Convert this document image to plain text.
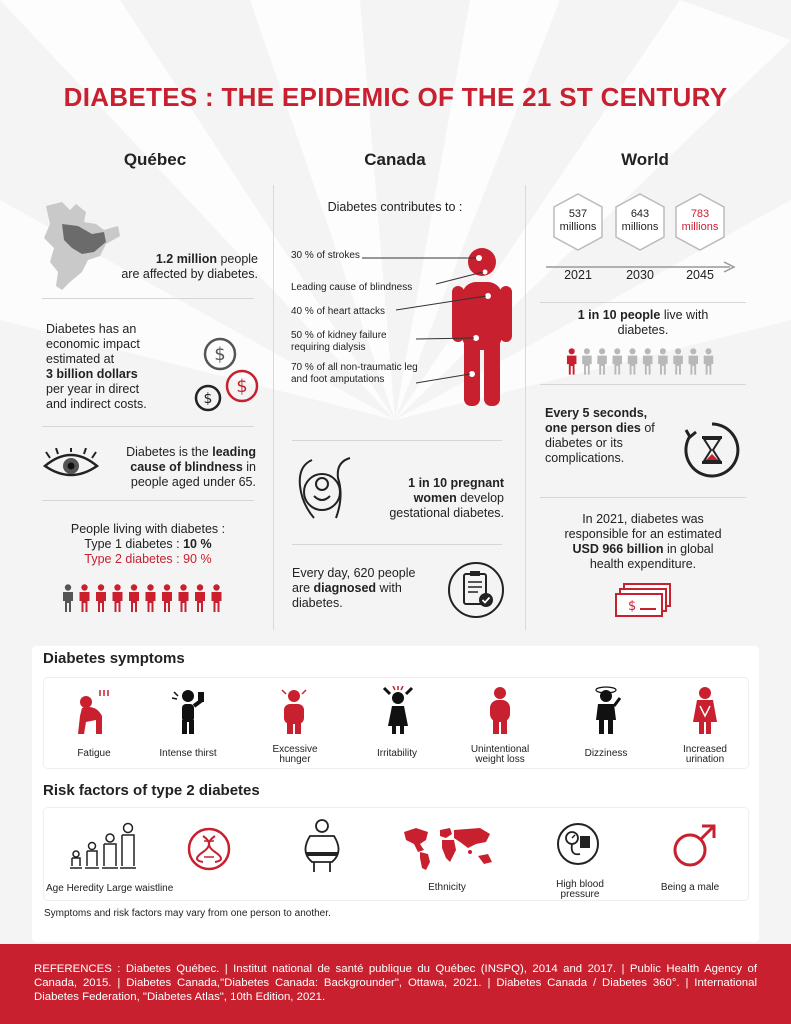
DIABETES : THE EPIDEMIC OF THE 21 ST CENTURY
Québec	Canada	World
1.2 million people
are affected by diabetes.
Diabetes has an
economic impact
estimated at
3 billion dollars
per year in direct
and indirect costs.
$
$
$
Diabetes is the leading
cause of blindness in
people aged under 65.
People living with diabetes :
Type 1 diabetes : 10 %
Type 2 diabetes : 90 %
Diabetes contributes to :
30 % of strokes
Leading cause of blindness
40 % of heart attacks
50 % of kidney failure
requiring dialysis
70 % of all non-traumatic leg
and foot amputations
1 in 10 pregnant
women develop
gestational diabetes.
Every day, 620 people
are diagnosed with
diabetes.
537
millions
2021
643
millions
2030
783
millions
2045
1 in 10 people live with
diabetes.
Every 5 seconds,
one person dies of
diabetes or its
complications.
In 2021, diabetes was
responsible for an estimated
USD 966 billion in global
health expenditure.
$
Diabetes symptoms
Fatigue	Intense thirst	Excessive
hunger
Irritability	Unintentional
weight loss
Dizziness	Increased
urination
Risk factors of type 2 diabetes
Age Heredity Large waistline	Ethnicity	High blood
pressure
Being a male
Symptoms and risk factors may vary from one person to another.
REFERENCES : Diabetes Québec. | Institut national de santé publique du Québec (INSPQ), 2014 and 2017. | Public Health Agency of Canada, 2015. | Diabetes Canada,"Diabetes Canada: Backgrounder", Ottawa, 2021. | Diabetes Canada / Diabetes 360°. | International Diabetes Federation, "Diabetes Atlas", 10th Edition, 2021.
